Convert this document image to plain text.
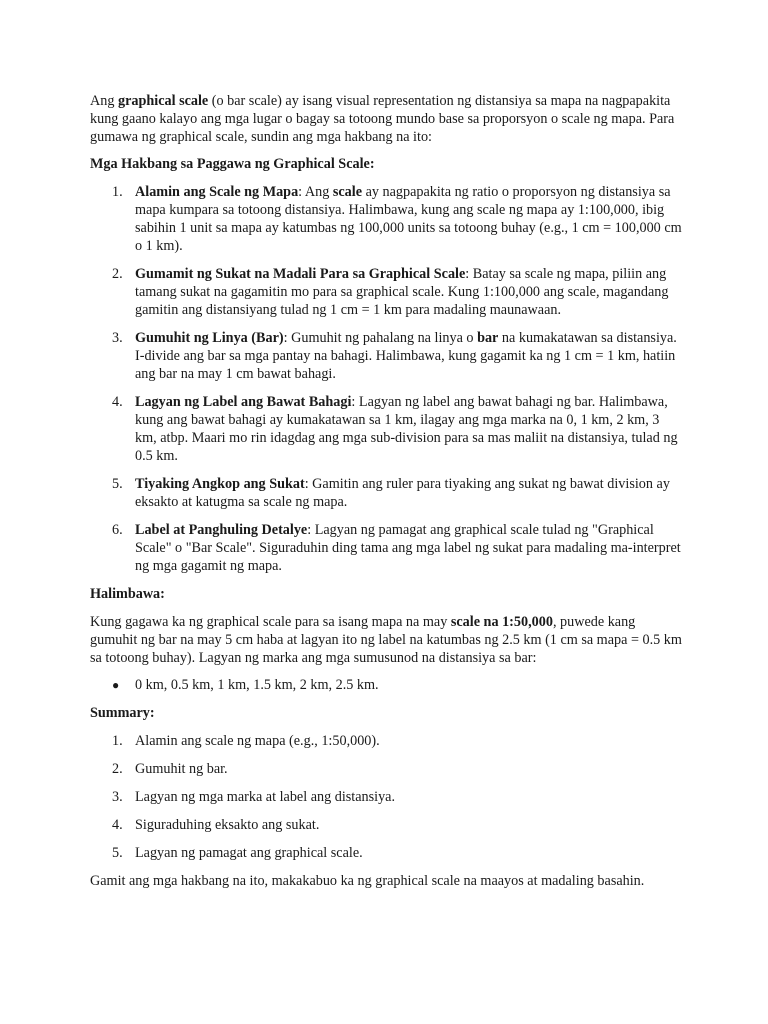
Ang graphical scale (o bar scale) ay isang visual representation ng distansiya sa mapa na nagpapakita kung gaano kalayo ang mga lugar o bagay sa totoong mundo base sa proporsyon o scale ng mapa. Para gumawa ng graphical scale, sundin ang mga hakbang na ito:

Mga Hakbang sa Paggawa ng Graphical Scale:

1. Alamin ang Scale ng Mapa: Ang scale ay nagpapakita ng ratio o proporsyon ng distansiya sa mapa kumpara sa totoong distansiya. Halimbawa, kung ang scale ng mapa ay 1:100,000, ibig sabihin 1 unit sa mapa ay katumbas ng 100,000 units sa totoong buhay (e.g., 1 cm = 100,000 cm o 1 km).
2. Gumamit ng Sukat na Madali Para sa Graphical Scale: Batay sa scale ng mapa, piliin ang tamang sukat na gagamitin mo para sa graphical scale. Kung 1:100,000 ang scale, magandang gamitin ang distansiyang tulad ng 1 cm = 1 km para madaling maunawaan.
3. Gumuhit ng Linya (Bar): Gumuhit ng pahalang na linya o bar na kumakatawan sa distansiya. I-divide ang bar sa mga pantay na bahagi. Halimbawa, kung gagamit ka ng 1 cm = 1 km, hatiin ang bar na may 1 cm bawat bahagi.
4. Lagyan ng Label ang Bawat Bahagi: Lagyan ng label ang bawat bahagi ng bar. Halimbawa, kung ang bawat bahagi ay kumakatawan sa 1 km, ilagay ang mga marka na 0, 1 km, 2 km, 3 km, atbp. Maari mo rin idagdag ang mga sub-division para sa mas maliit na distansiya, tulad ng 0.5 km.
5. Tiyaking Angkop ang Sukat: Gamitin ang ruler para tiyaking ang sukat ng bawat division ay eksakto at katugma sa scale ng mapa.
6. Label at Panghuling Detalye: Lagyan ng pamagat ang graphical scale tulad ng "Graphical Scale" o "Bar Scale". Siguraduhin ding tama ang mga label ng sukat para madaling ma-interpret ng mga gagamit ng mapa.

Halimbawa:

Kung gagawa ka ng graphical scale para sa isang mapa na may scale na 1:50,000, puwede kang gumuhit ng bar na may 5 cm haba at lagyan ito ng label na katumbas ng 2.5 km (1 cm sa mapa = 0.5 km sa totoong buhay). Lagyan ng marka ang mga sumusunod na distansiya sa bar:

● 0 km, 0.5 km, 1 km, 1.5 km, 2 km, 2.5 km.

Summary:

1. Alamin ang scale ng mapa (e.g., 1:50,000).
2. Gumuhit ng bar.
3. Lagyan ng mga marka at label ang distansiya.
4. Siguraduhing eksakto ang sukat.
5. Lagyan ng pamagat ang graphical scale.

Gamit ang mga hakbang na ito, makakabuo ka ng graphical scale na maayos at madaling basahin.
